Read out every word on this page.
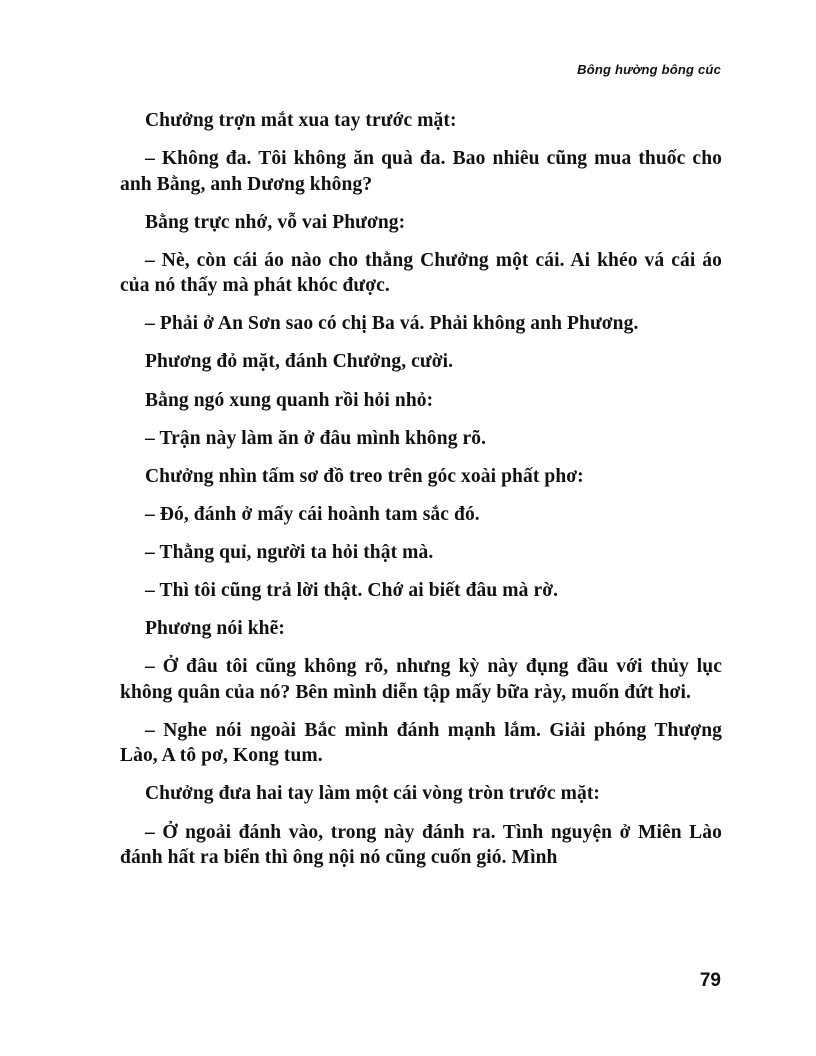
Bông hường bông cúc

Chưởng trợn mắt xua tay trước mặt:

– Không đa. Tôi không ăn quà đa. Bao nhiêu cũng mua thuốc cho anh Bằng, anh Dương không?

Bằng trực nhớ, vỗ vai Phương:

– Nè, còn cái áo nào cho thằng Chưởng một cái. Ai khéo vá cái áo của nó thấy mà phát khóc được.

– Phải ở An Sơn sao có chị Ba vá. Phải không anh Phương.

Phương đỏ mặt, đánh Chưởng, cười.

Bằng ngó xung quanh rồi hỏi nhỏ:

– Trận này làm ăn ở đâu mình không rõ.

Chưởng nhìn tấm sơ đồ treo trên góc xoài phất phơ:

– Đó, đánh ở mấy cái hoành tam sắc đó.

– Thằng quỉ, người ta hỏi thật mà.

– Thì tôi cũng trả lời thật. Chớ ai biết đâu mà rờ.

Phương nói khẽ:

– Ở đâu tôi cũng không rõ, nhưng kỳ này đụng đầu với thủy lục không quân của nó? Bên mình diễn tập mấy bữa rày, muốn đứt hơi.

– Nghe nói ngoài Bắc mình đánh mạnh lắm. Giải phóng Thượng Lào, A tô pơ, Kong tum.

Chưởng đưa hai tay làm một cái vòng tròn trước mặt:

– Ở ngoải đánh vào, trong này đánh ra. Tình nguyện ở Miên Lào đánh hất ra biển thì ông nội nó cũng cuốn gió. Mình

79
